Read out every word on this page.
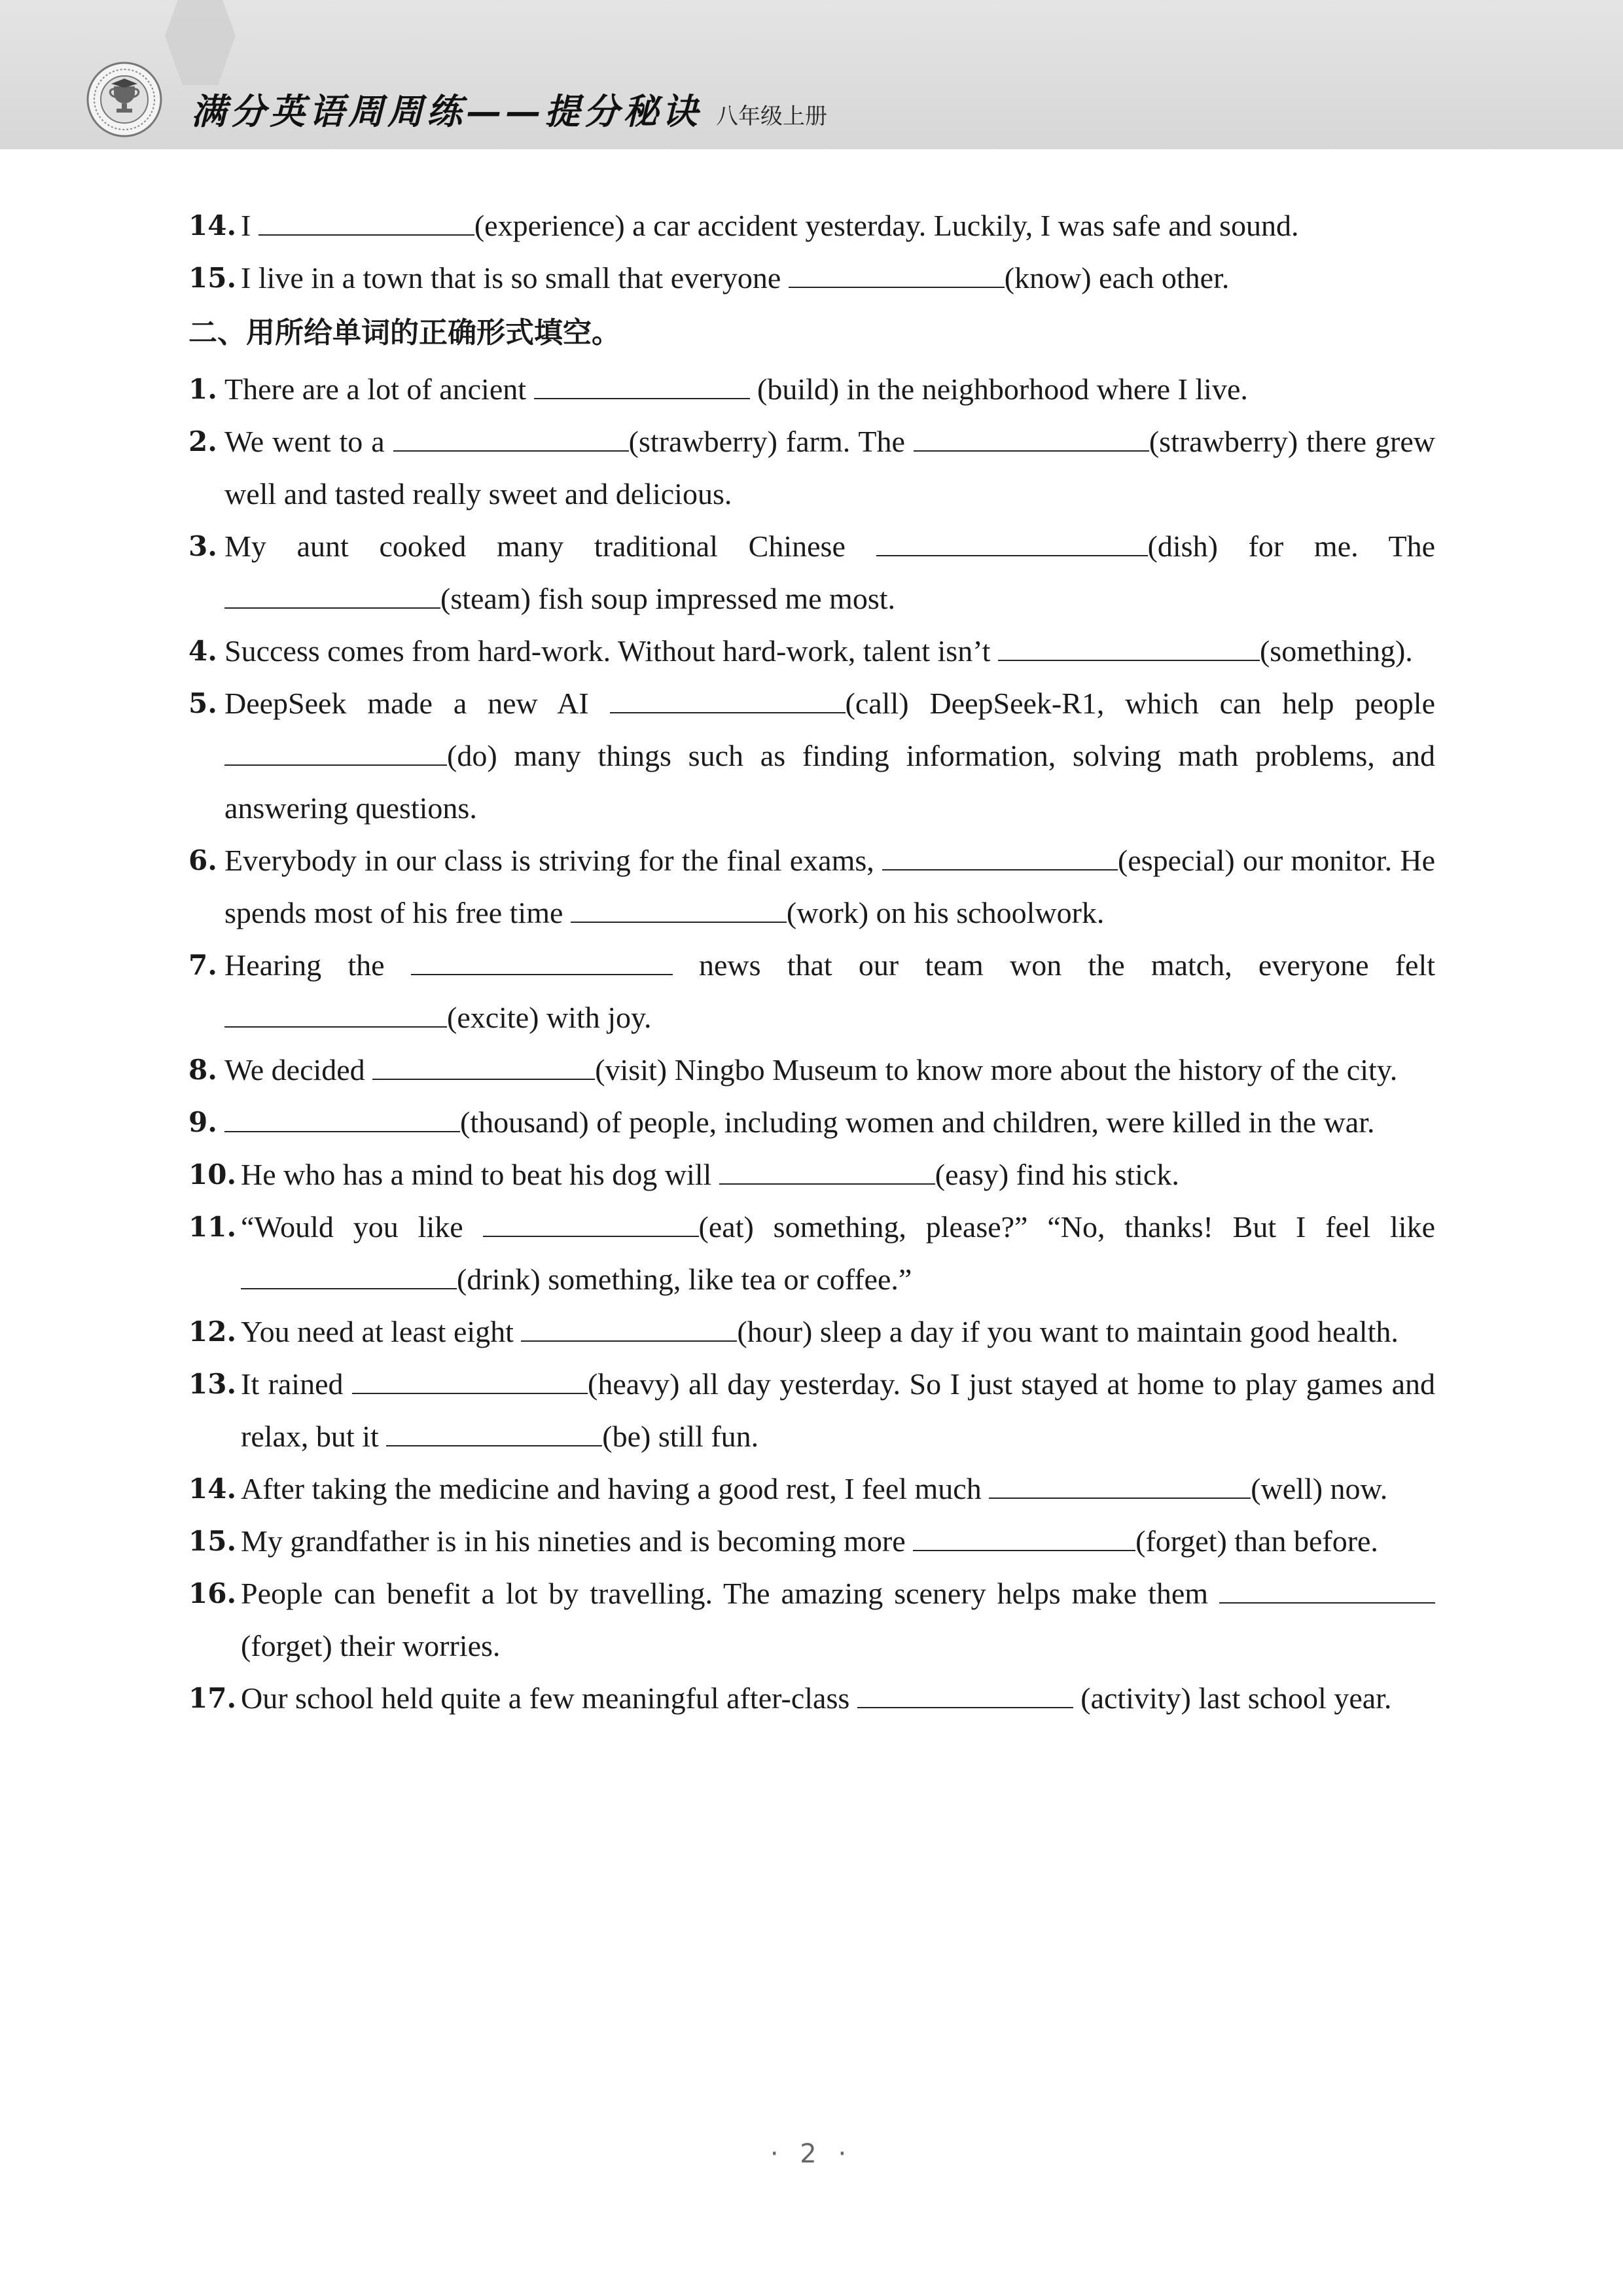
满分英语周周练——提分秘诀 八年级上册
14. I	(experience) a car accident yesterday. Luckily, I was safe and sound.
15. I live in a town that is so small that everyone	(know) each other.
二、用所给单词的正确形式填空。
1. There are a lot of ancient	(build) in the neighborhood where I live.
2. We went to a	(strawberry) farm. The	(strawberry) there grew well and tasted really sweet and delicious.
3. My aunt cooked many traditional Chinese	(dish) for me. The (steam) fish soup impressed me most.
4. Success comes from hard-work. Without hard-work, talent isn’t	(something).
5. DeepSeek made a new AI	(call) DeepSeek-R1, which can help people (do) many things such as finding information, solving math problems, and answering questions.
6. Everybody in our class is striving for the final exams,	(especial) our monitor. He spends most of his free time	(work) on his schoolwork.
7. Hearing the	news that our team won the match, everyone felt (excite) with joy.
8. We decided	(visit) Ningbo Museum to know more about the history of the city.
9.	(thousand) of people, including women and children, were killed in the war.
10. He who has a mind to beat his dog will	(easy) find his stick.
11. “Would you like	(eat) something, please?” “No, thanks! But I feel like (drink) something, like tea or coffee.”
12. You need at least eight	(hour) sleep a day if you want to maintain good health.
13. It rained	(heavy) all day yesterday. So I just stayed at home to play games and relax, but it	(be) still fun.
14. After taking the medicine and having a good rest, I feel much	(well) now.
15. My grandfather is in his nineties and is becoming more	(forget) than before.
16. People can benefit a lot by travelling. The amazing scenery helps make them (forget) their worries.
17. Our school held quite a few meaningful after-class	(activity) last school year.
· 2 ·
